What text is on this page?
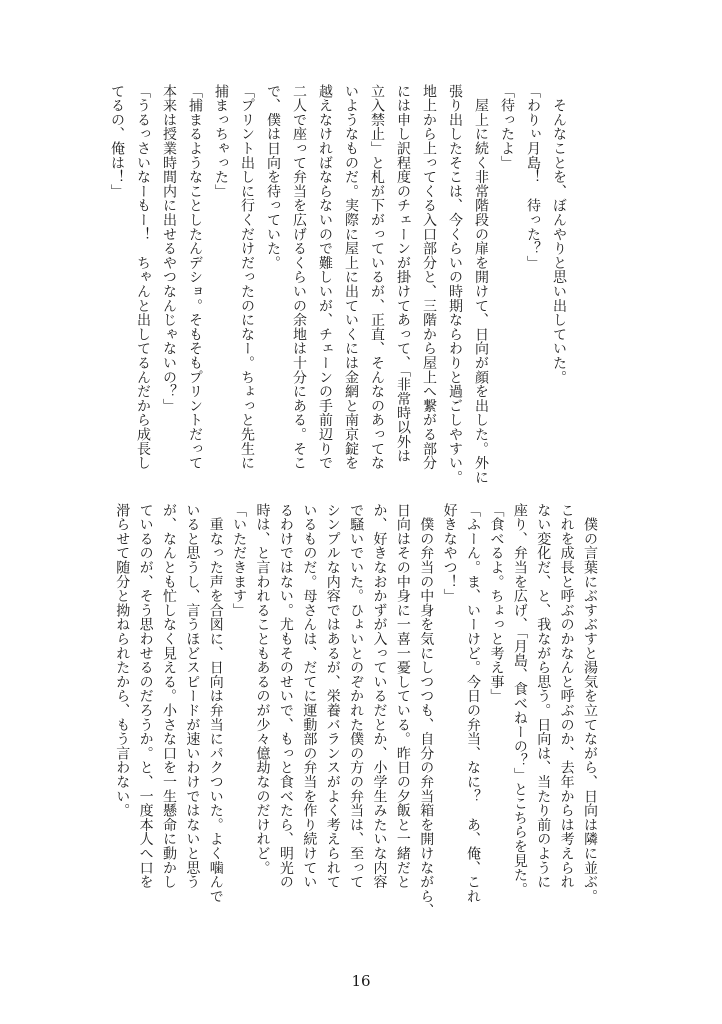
　そんなことを、ぼんやりと思い出していた。
「わりぃ月島！　待った？」
「待ったよ」
　屋上に続く非常階段の扉を開けて、日向が顔を出した。外に
張り出したそこは、今くらいの時期ならわりと過ごしやすい。
地上から上ってくる入口部分と、三階から屋上へ繋がる部分
には申し訳程度のチェーンが掛けてあって、「非常時以外は
立入禁止」と札が下がっているが、正直、そんなのあってな
いようなものだ。実際に屋上に出ていくには金網と南京錠を
越えなければならないので難しいが、チェーンの手前辺りで
二人で座って弁当を広げるくらいの余地は十分にある。そこ
で、僕は日向を待っていた。
「プリント出しに行くだけだったのになー。ちょっと先生に
捕まっちゃった」
「捕まるようなことしたんデショ。そもそもプリントだって
本来は授業時間内に出せるやつなんじゃないの？」
「うるっさいなーもー！　ちゃんと出してるんだから成長し
てるの、俺は！」
　僕の言葉にぶすぶすと湯気を立てながら、日向は隣に並ぶ。
これを成長と呼ぶのかなんと呼ぶのか、去年からは考えられ
ない変化だ、と、我ながら思う。日向は、当たり前のように
座り、弁当を広げ、「月島、食べねーの？」とこちらを見た。
「食べるよ。ちょっと考え事」
「ふーん。ま、いーけど。今日の弁当、なに？　あ、俺、これ
好きなやつ！」
　僕の弁当の中身を気にしつつも、自分の弁当箱を開けながら、
日向はその中身に一喜一憂している。昨日の夕飯と一緒だと
か、好きなおかずが入っているだとか、小学生みたいな内容
で騒いでいた。ひょいとのぞかれた僕の方の弁当は、至って
シンプルな内容ではあるが、栄養バランスがよく考えられて
いるものだ。母さんは、だてに運動部の弁当を作り続けてい
るわけではない。尤もそのせいで、もっと食べたら、明光の
時は、と言われることもあるのが少々億劫なのだけれど。
「いただきます」
　重なった声を合図に、日向は弁当にパクついた。よく噛んで
いると思うし、言うほどスピードが速いわけではないと思う
が、なんとも忙しなく見える。小さな口を一生懸命に動かし
ているのが、そう思わせるのだろうか。と、一度本人へ口を
滑らせて随分と拗ねられたから、もう言わない。
16
